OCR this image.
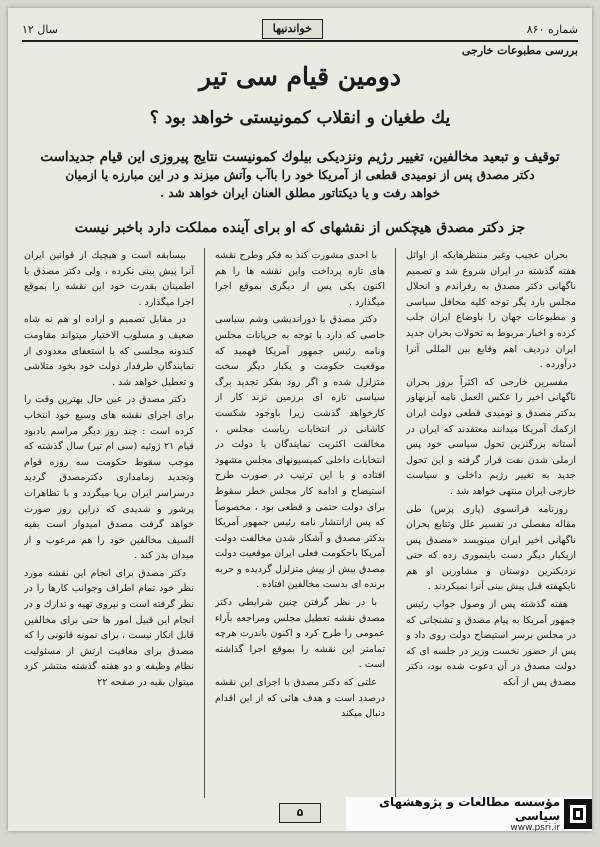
شماره ۸۶۰
خواندنیها
سال ۱۲
بررسی مطبوعات خارجی
دومین قیام سی تیر
یك طغیان و انقلاب کمونیستی خواهد بود ؟

توقیف و تبعید مخالفین، تغییر رژیم ونزدیکی بیلوك کمونیست نتایج پیروزی این قیام جدیداست

دکتر مصدق پس از نومیدی قطعی از آمریکا خود را باآب وآتش میزند و در این مبارزه یا ازمیان

خواهد رفت و یا دیکتاتور مطلق العنان ایران خواهد شد .

جز دکتر مصدق هیچکس از نقشهای که او برای آینده مملکت دارد باخبر نیست

بحران عجیب وغیر منتظرهایکه از اوائل هفته گذشته در ایران شروع شد و تصمیم ناگهانی دکتر مصدق به رفراندم و انحلال مجلس بارد یگر توجه کلیه محافل سیاسی و مطبوعات جهان را باوضاع ایران جلب کرده و اخبار مربوط به تحولات بحران جدید ایران دردیف اهم وقایع بین المللی آنرا درآورده .

مفسرین خارجی که اکثراً بروز بحران ناگهانی اخیر را عکس العمل نامه آیزنهاور بدکتر مصدق و نومیدی قطعی دولت ایران ازکمك آمریکا میدانند معتقدند که ایران در آستانه بزرگترین تحول سیاسی خود پس ازملی شدن نفت قرار گرفته و این تحول جدید به تغییر رژیم داخلی و سیاست خارجی ایران منتهی خواهد شد .

روزنامه فرانسوی (پاری پرس) طی مقاله مفصلی در تفسیر علل وتتابع بحران ناگهانی اخیر ایران مینویسد «مصدق پس ازیکبار دیگر دست باینموری زده که حتی نزدیکترین دوستان و مشاورین او هم نایکهفته قبل پیش بینی آنرا نمیکردند .

هفته گذشته پس از وصول جواب رئیس جمهور آمریکا به پیام مصدق و تشنجاتی که در مجلس برسر استیضاح دولت روی داد و پس از حضور نخست وزیر در جلسه ای که دولت مصدق در آن دعوت شده بود، دکتر مصدق پس از آنکه

با احدی مشورت کند به فکر وطرح نقشه های تازه پرداخت واین نقشه ها را هم اکنون یکی پس از دیگری بموقع اجرا میگذارد .

دکتر مصدق با دوراندیشی وشم سیاسی خاصی که دارد با توجه به جریانات مجلس ونامه رئیس جمهور آمریکا فهمید که موقعیت حکومت و یکبار دیگر سخت متزلزل شده و اگر زود بفکر تجدید برگ سیاسی تازه ای برزمین نزند کار از کارخواهد گذشت زیرا باوجود شکست کاشانی در انتخابات ریاست مجلس ، مخالفت اکثریت نمایندگان با دولت در انتخابات داخلی کمیسیونهای مجلس مشهود افتاده و با این ترتیب در صورت طرح استیضاح و ادامه کار مجلس خطر سقوط برای دولت حتمی و قطعی بود ، مخصوصاً که پس ازانتشار نامه رئیس جمهور آمریکا بدکتر مصدق و آشکار شدن مخالفت دولت آمریکا باحکومت فعلی ایران موقعیت دولت مصدق بیش از پیش متزلزل گردیده و حربه برنده ای بدست مخالفین افتاده .

با در نظر گرفتن چنین شرایطی دکتر مصدق نقشه تعطیل مجلس ومراجعه بآراء عمومی را طرح کرد و اکنون باندرت هرچه تمامتر این نقشه را بموقع اجرا گذاشته است .

علتی که دکتر مصدق با اجرای این نقشه درصدد است و هدف هائی که از این اقدام دنبال میکند

بیسابقه است و هیچیك از قوانین ایران آنرا پیش بینی نکرده ، ولی دکتر مصدق با اطمینان بقدرت خود این نقشه را بموقع اجرا میگذارد .

در مقابل تصمیم و اراده او هم نه شاه ضعیف و مسلوب الاختیار میتواند مقاومت کندونه مجلسی که با استعفای معدودی از نمایندگان طرفدار دولت خود بخود متلاشی و تعطیل خواهد شد .

دکتر مصدق در عین حال بهترین وقت را برای اجرای نقشه های وسیع خود انتخاب کرده است : چند روز دیگر مراسم یادبود قیام ۲۱ ژوئیه (سی ام تیر) سال گذشته که موجب سقوط حکومت سه روزه قوام وتجدید زمامداری دکترمصدق گردید درسراسر ایران برپا میگردد و با تظاهرات پرشور و شدیدی که دراین روز صورت خواهد گرفت مصدق امیدوار است بقیه السیف مخالفین خود را هم مرعوب و از میدان بدر کند .

دکتر مصدق برای انجام این نقشه مورد نظر خود تمام اطراف وجوانب کارها را در نظر گرفته است و نیروی تهیه و تدارك و در انجام این قبیل امور ها حتی برای مخالفین قابل انکار نیست ، برای نمونه قانونی را که مصدق برای معافیت ارتش از مسئولیت نظام وظیفه و دو هفته گذشته منتشر کرد میتوان بقیه در صفحه ۲۲

۵
مؤسسه مطالعات و پژوهشهای سیاسی
www.psri.ir
